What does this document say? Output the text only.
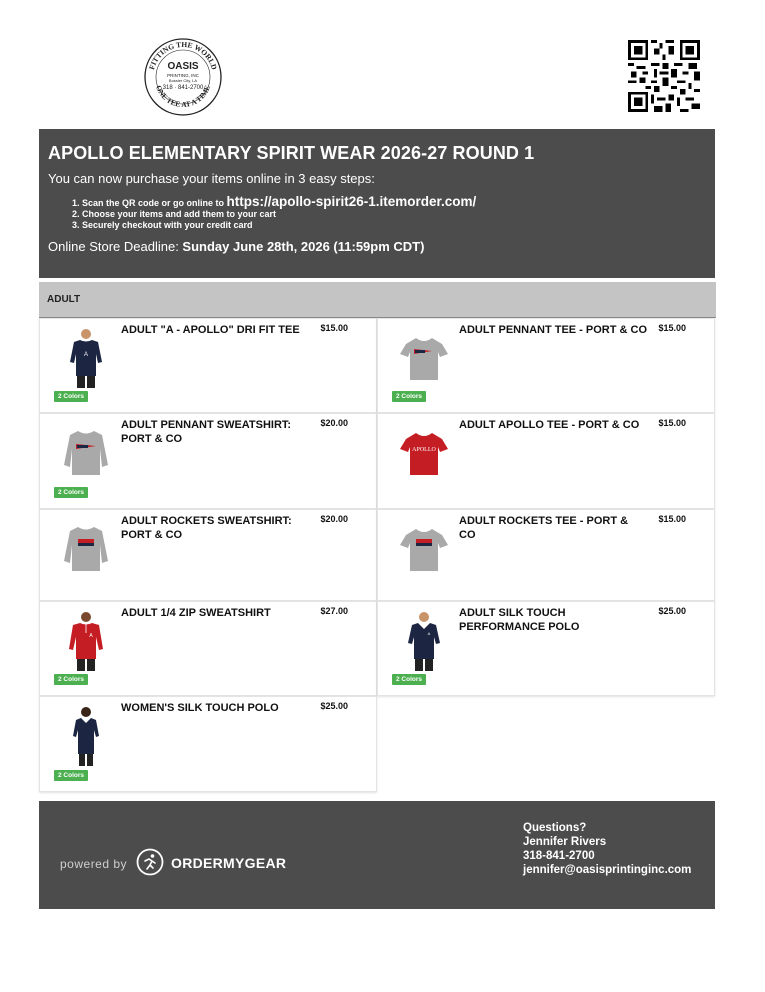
FITTING THE WORLD
ONE TEE AT A TIME
OASIS
PRINTING, INC
Bossier City, LA
318 · 841-2700
APOLLO ELEMENTARY SPIRIT WEAR 2026-27 ROUND 1
You can now purchase your items online in 3 easy steps:
1. Scan the QR code or go online to https://apollo-spirit26-1.itemorder.com/
2. Choose your items and add them to your cart
3. Securely checkout with your credit card
Online Store Deadline: Sunday June 28th, 2026 (11:59pm CDT)
ADULT
A
ADULT "A - APOLLO" DRI FIT TEE	$15.00
2 Colors
ADULT PENNANT TEE - PORT & CO $15.00
2 Colors
ADULT PENNANT SWEATSHIRT: PORT & CO
$20.00
2 Colors
APOLLO
ADULT APOLLO TEE - PORT & CO	$15.00
ADULT ROCKETS SWEATSHIRT: PORT & CO
$20.00	ADULT ROCKETS TEE - PORT & CO
$15.00
A
ADULT 1/4 ZIP SWEATSHIRT	$27.00
2 Colors
A
ADULT SILK TOUCH PERFORMANCE POLO
$25.00
2 Colors
WOMEN'S SILK TOUCH POLO	$25.00
2 Colors
powered by	ORDERMYGEAR
Questions?
Jennifer Rivers
318-841-2700
jennifer@oasisprintinginc.com
